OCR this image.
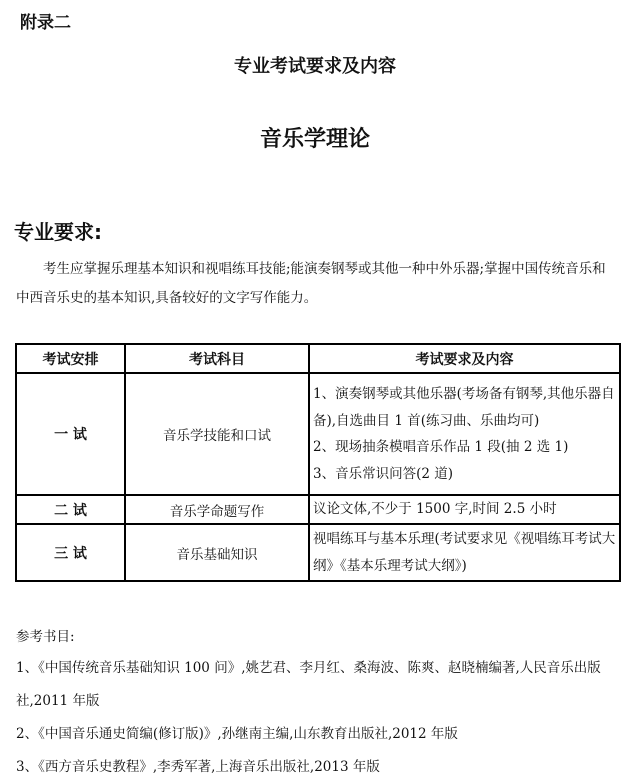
附录二
专业考试要求及内容
音乐学理论
专业要求:

考生应掌握乐理基本知识和视唱练耳技能;能演奏钢琴或其他一种中外乐器;掌握中国传统音乐和中西音乐史的基本知识,具备较好的文字写作能力。

考试安排	考试科目	考试要求及内容
一 试	音乐学技能和口试	1、演奏钢琴或其他乐器(考场备有钢琴,其他乐器自备),自选曲目 1 首(练习曲、乐曲均可)
2、现场抽条模唱音乐作品 1 段(抽 2 选 1)
3、音乐常识问答(2 道)

二 试	音乐学命题写作	议论文体,不少于 1500 字,时间 2.5 小时

三 试	音乐基础知识	视唱练耳与基本乐理(考试要求见《视唱练耳考试大纲》《基本乐理考试大纲》)
参考书目:
1、《中国传统音乐基础知识 100 问》,姚艺君、李月红、桑海波、陈爽、赵晓楠编著,人民音乐出版社,2011 年版
2、《中国音乐通史简编(修订版)》,孙继南主编,山东教育出版社,2012 年版
3、《西方音乐史教程》,李秀军著,上海音乐出版社,2013 年版
